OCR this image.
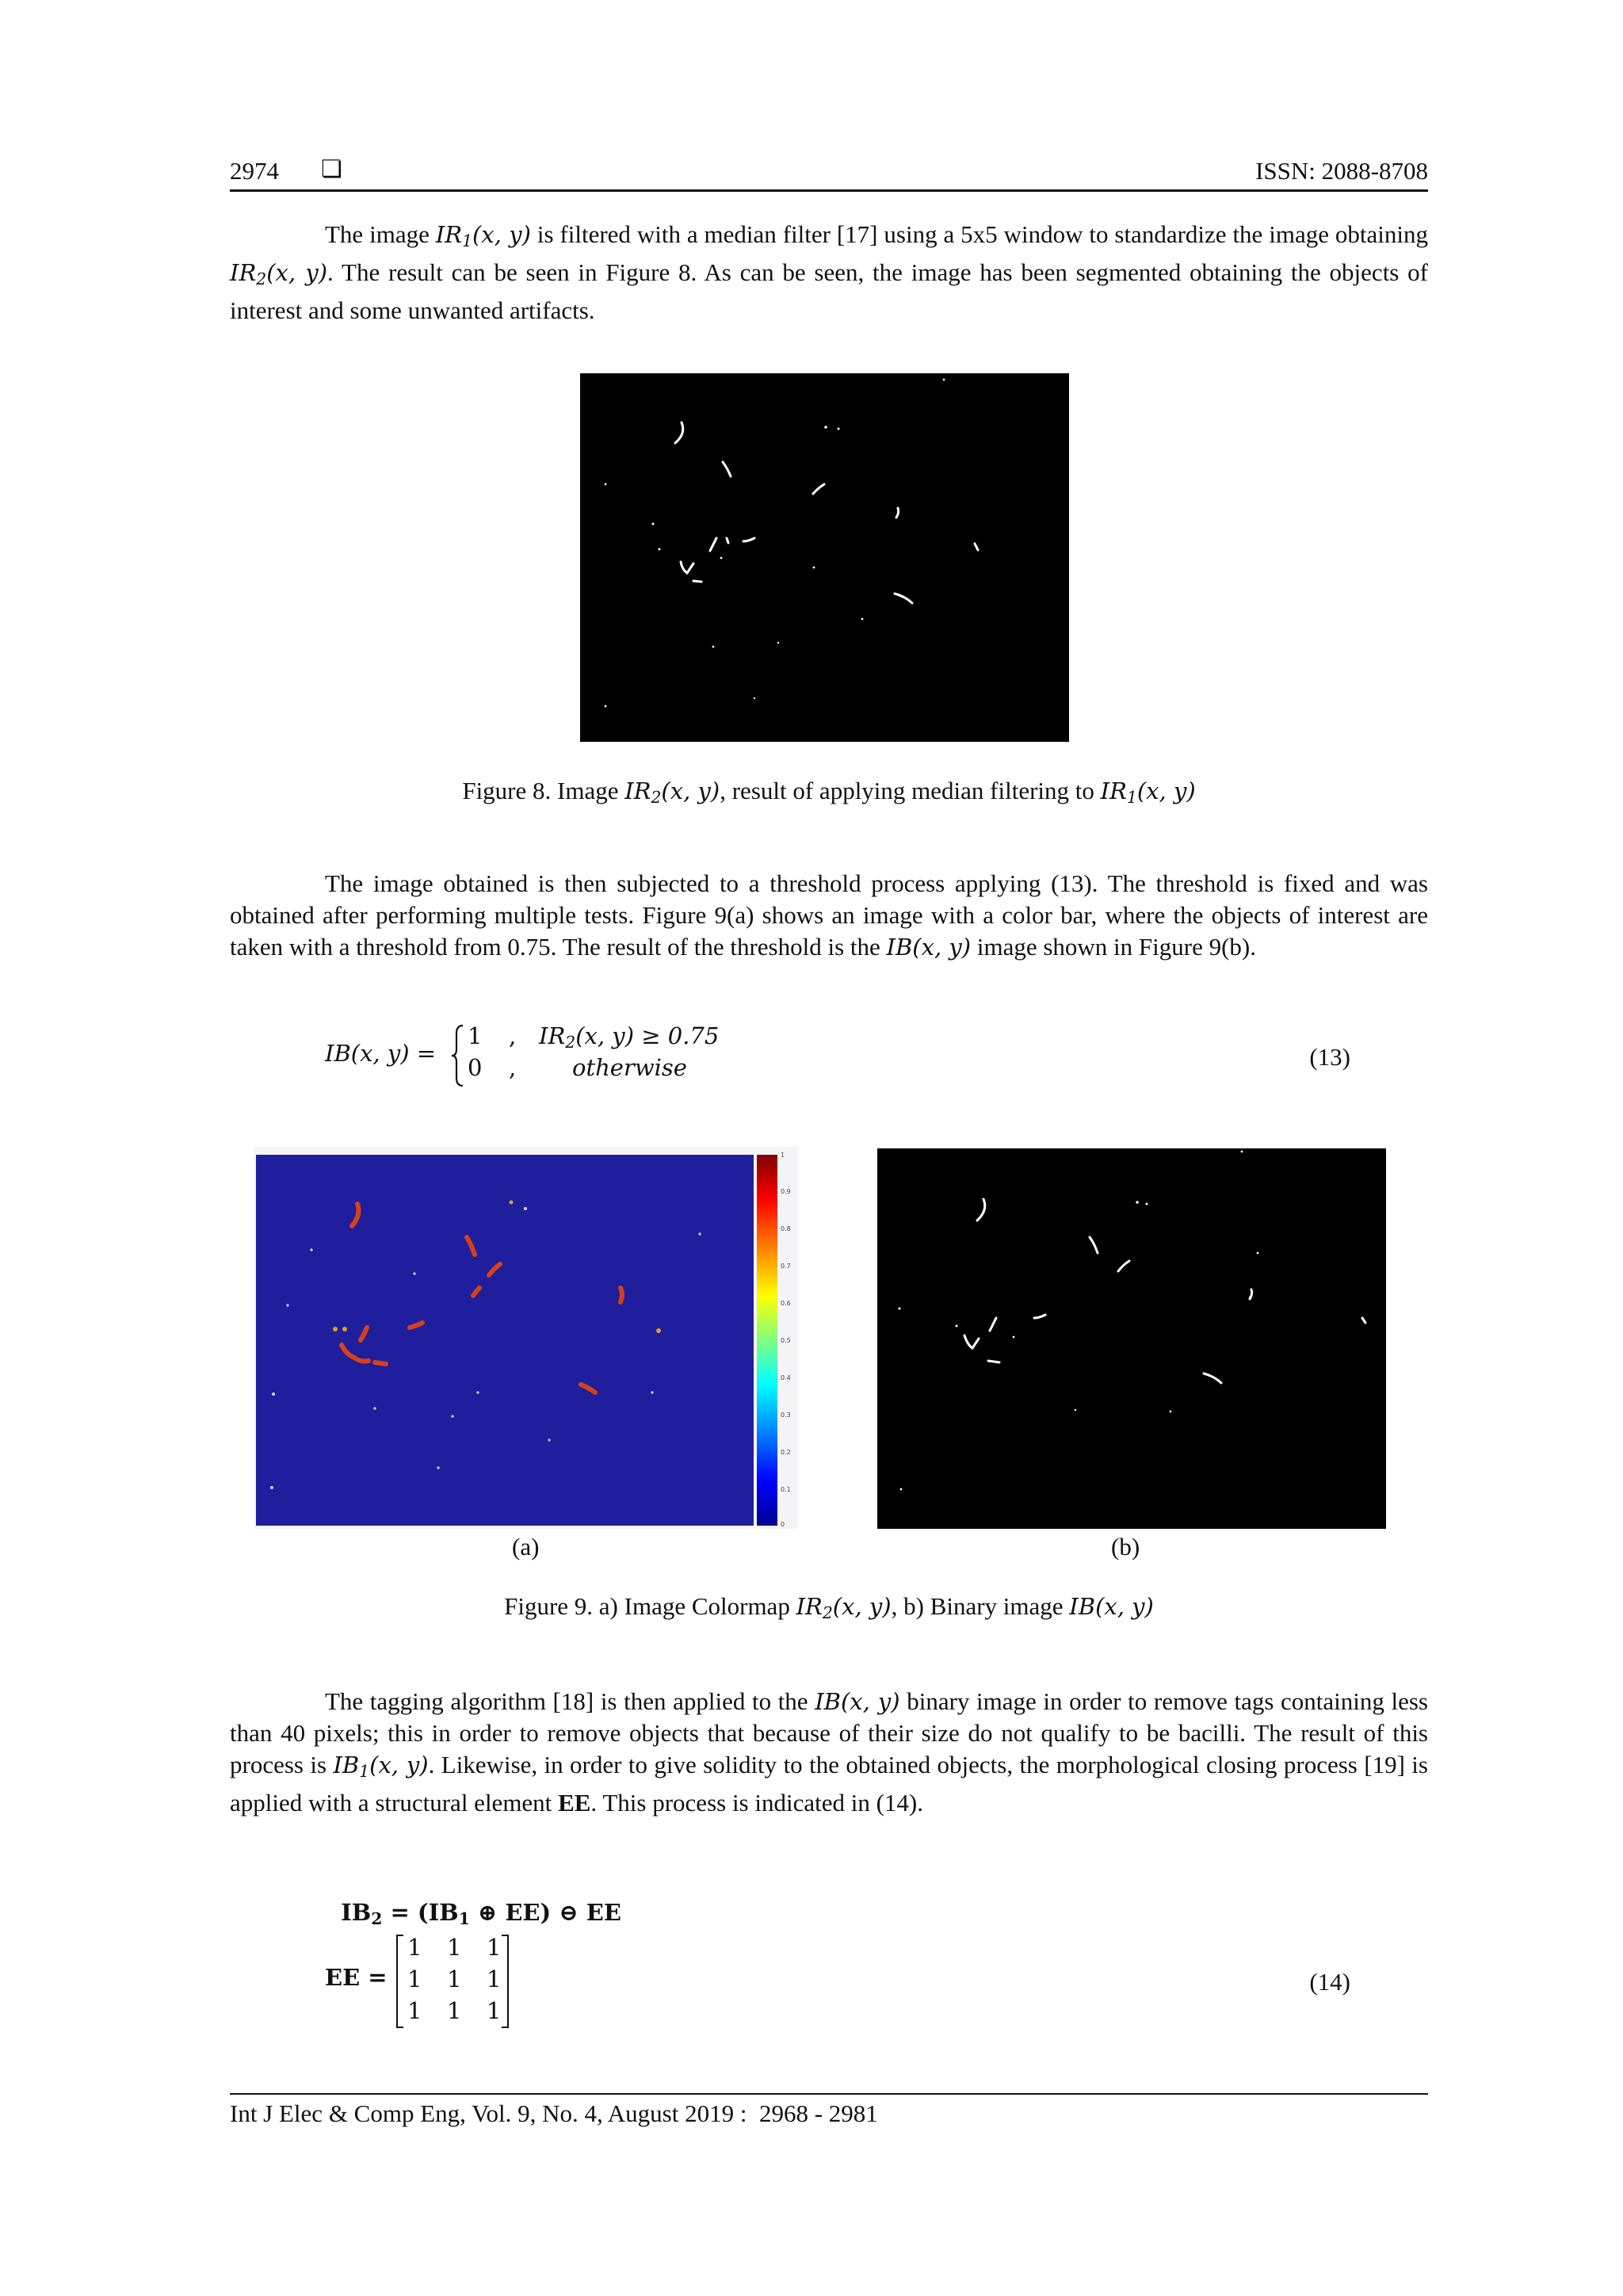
2974 ❏	ISSN: 2088-8708
The image $IR_1(x$, y) is filtered with a median filter [17] using a 5x5 window to standardize the image obtaining $IR_2(x$, y). The result can be seen in Figure 8. As can be seen, the image has been segmented obtaining the objects of interest and some unwanted artifacts.
Figure 8. Image $IR_2(x$, y), result of applying median filtering to $IR_1(x$, y)
The image obtained is then subjected to a threshold process applying (13). The threshold is fixed and was obtained after performing multiple tests. Figure 9(a) shows an image with a color bar, where the objects of interest are taken with a threshold from 0.75. The result of the threshold is the IB(x, y) image shown in Figure 9(b).
IB(x, y) =
1 , $IR_2(x$, y) ≥ 0.75
0 , otherwise	(13)
1
0.9
0.8
0.7
0.6
0.5
0.4
0.3
0.2
0.1
0
(a)	(b)
Figure 9. a) Image Colormap $IR_2(x$, y), b) Binary image IB(x, y)
The tagging algorithm [18] is then applied to the IB(x, y) binary image in order to remove tags containing less than 40 pixels; this in order to remove objects that because of their size do not qualify to be bacilli. The result of this process is $IB_1(x$, y). Likewise, in order to give solidity to the obtained objects, the morphological closing process [19] is applied with a structural element EE. This process is indicated in (14).

$IB_2 = (IB_1$ ⊕ EE) ⊖ EE

EE =
1 1 1
1 1 1
1 1 1
(14)
Int J Elec & Comp Eng, Vol. 9, No. 4, August 2019 :  2968 - 2981
